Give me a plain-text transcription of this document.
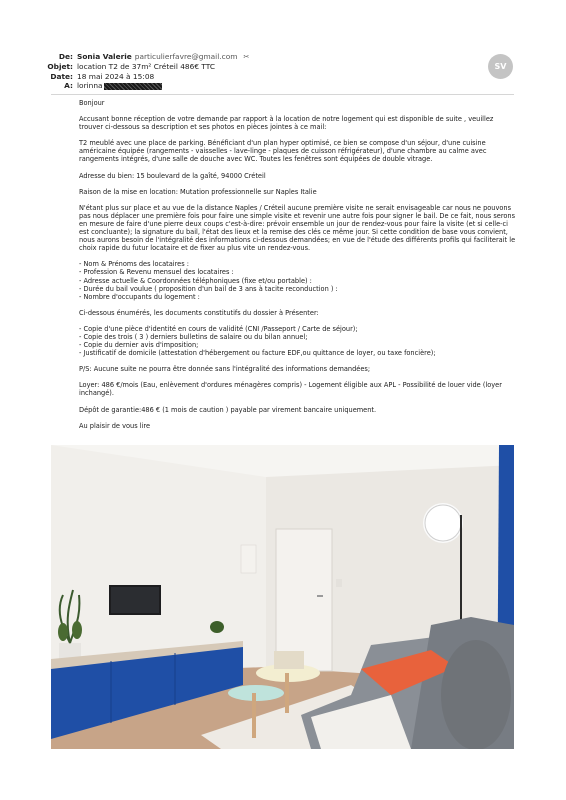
De: Sonia Valerie particulierfavre@gmail.com ✂
Objet: location T2 de 37m² Créteil 486€ TTC
Date: 18 mai 2024 à 15:08
A: lorinna
SV

Bonjour

Accusant bonne réception de votre demande par rapport à la location de notre logement qui est disponible de suite , veuillez trouver ci-dessous sa description et ses photos en pièces jointes à ce mail:

T2 meublé avec une place de parking. Bénéficiant d'un plan hyper optimisé, ce bien se compose d'un séjour, d'une cuisine américaine équipée (rangements - vaisselles - lave-linge - plaques de cuisson réfrigérateur), d'une chambre au calme avec rangements intégrés, d'une salle de douche avec WC. Toutes les fenêtres sont équipées de double vitrage.

Adresse du bien: 15 boulevard de la gaîté, 94000 Créteil

Raison de la mise en location: Mutation professionnelle sur Naples Italie

N'étant plus sur place et au vue de la distance Naples / Créteil aucune première visite ne serait envisageable car nous ne pouvons pas nous déplacer une première fois pour faire une simple visite et revenir une autre fois pour signer le bail. De ce fait, nous serons en mesure de faire d'une pierre deux coups c'est-à-dire: prévoir ensemble un jour de rendez-vous pour faire la visite (et si celle-ci est concluante); la signature du bail, l'état des lieux et la remise des clés ce même jour. Si cette condition de base vous convient, nous aurons besoin de l'intégralité des informations ci-dessous demandées; en vue de l'étude des différents profils qui faciliterait le choix rapide du futur locataire et de fixer au plus vite un rendez-vous.

- Nom & Prénoms des locataires :
- Profession & Revenu mensuel des locataires :
- Adresse actuelle & Coordonnées téléphoniques (fixe et/ou portable) :
- Durée du bail voulue ( proposition d'un bail de 3 ans à tacite reconduction ) :
- Nombre d'occupants du logement :

Ci-dessous énumérés, les documents constitutifs du dossier à Présenter:

- Copie d'une pièce d'identité en cours de validité (CNI /Passeport / Carte de séjour);
- Copie des trois ( 3 ) derniers bulletins de salaire ou du bilan annuel;
- Copie du dernier avis d'imposition;
- Justificatif de domicile (attestation d'hébergement ou facture EDF,ou quittance de loyer, ou taxe foncière);

P/S: Aucune suite ne pourra être donnée sans l'intégralité des informations demandées;

Loyer: 486 €/mois (Eau, enlèvement d'ordures ménagères compris) - Logement éligible aux APL - Possibilité de louer vide (loyer inchangé).

Dépôt de garantie:486 € (1 mois de caution ) payable par virement bancaire uniquement.

Au plaisir de vous lire
